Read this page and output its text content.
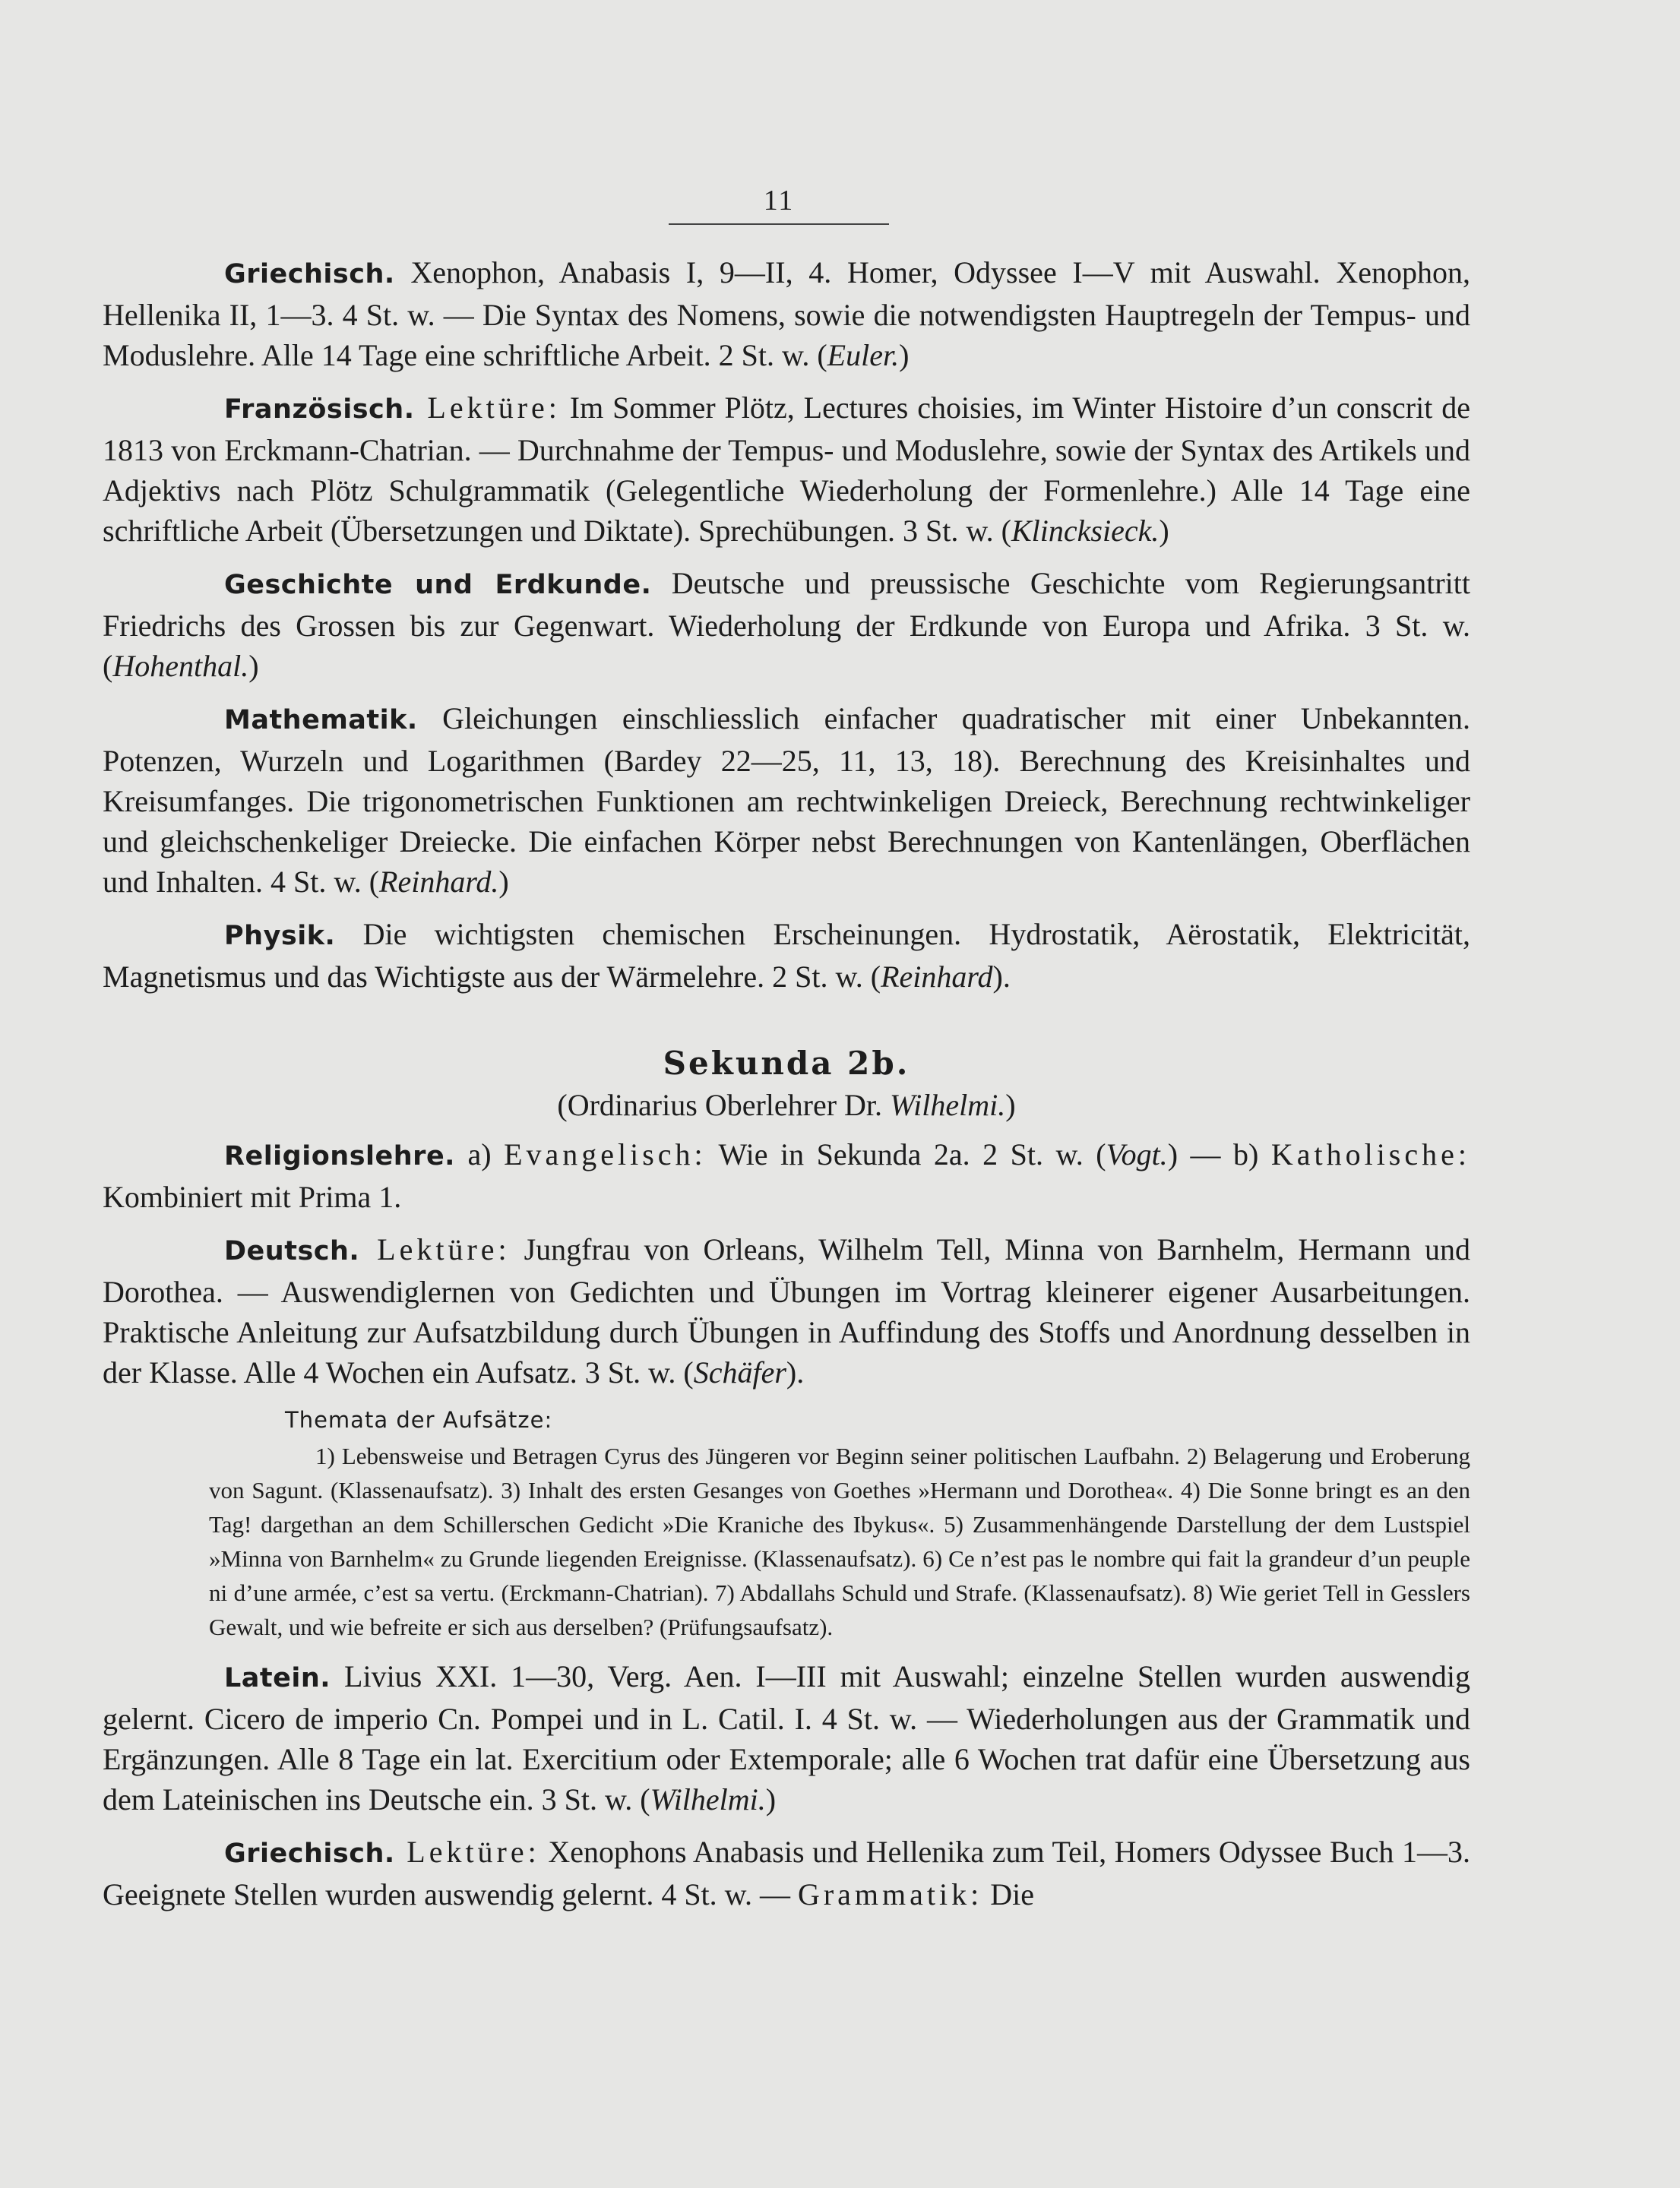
11

Griechisch. Xenophon, Anabasis I, 9—II, 4. Homer, Odyssee I—V mit Auswahl. Xenophon, Hellenika II, 1—3. 4 St. w. — Die Syntax des Nomens, sowie die notwendigsten Hauptregeln der Tempus- und Moduslehre. Alle 14 Tage eine schriftliche Arbeit. 2 St. w. (Euler.)

Französisch. Lektüre: Im Sommer Plötz, Lectures choisies, im Winter Histoire d’un conscrit de 1813 von Erckmann-Chatrian. — Durchnahme der Tempus- und Moduslehre, sowie der Syntax des Artikels und Adjektivs nach Plötz Schulgrammatik (Gelegentliche Wiederholung der Formenlehre.) Alle 14 Tage eine schriftliche Arbeit (Übersetzungen und Diktate). Sprechübungen. 3 St. w. (Klincksieck.)

Geschichte und Erdkunde. Deutsche und preussische Geschichte vom Regierungsantritt Friedrichs des Grossen bis zur Gegenwart. Wiederholung der Erdkunde von Europa und Afrika. 3 St. w. (Hohenthal.)

Mathematik. Gleichungen einschliesslich einfacher quadratischer mit einer Unbekannten. Potenzen, Wurzeln und Logarithmen (Bardey 22—25, 11, 13, 18). Berechnung des Kreisinhaltes und Kreisumfanges. Die trigonometrischen Funktionen am rechtwinkeligen Dreieck, Berechnung rechtwinkeliger und gleichschenkeliger Dreiecke. Die einfachen Körper nebst Berechnungen von Kantenlängen, Oberflächen und Inhalten. 4 St. w. (Reinhard.)

Physik. Die wichtigsten chemischen Erscheinungen. Hydrostatik, Aërostatik, Elektricität, Magnetismus und das Wichtigste aus der Wärmelehre. 2 St. w. (Reinhard).

Sekunda 2b.

(Ordinarius Oberlehrer Dr. Wilhelmi.)

Religionslehre. a) Evangelisch: Wie in Sekunda 2a. 2 St. w. (Vogt.) — b) Katholische: Kombiniert mit Prima 1.

Deutsch. Lektüre: Jungfrau von Orleans, Wilhelm Tell, Minna von Barnhelm, Hermann und Dorothea. — Auswendiglernen von Gedichten und Übungen im Vortrag kleinerer eigener Ausarbeitungen. Praktische Anleitung zur Aufsatzbildung durch Übungen in Auffindung des Stoffs und Anordnung desselben in der Klasse. Alle 4 Wochen ein Aufsatz. 3 St. w. (Schäfer).

Themata der Aufsätze:

1) Lebensweise und Betragen Cyrus des Jüngeren vor Beginn seiner politischen Laufbahn. 2) Belagerung und Eroberung von Sagunt. (Klassenaufsatz). 3) Inhalt des ersten Gesanges von Goethes »Hermann und Dorothea«. 4) Die Sonne bringt es an den Tag! dargethan an dem Schillerschen Gedicht »Die Kraniche des Ibykus«. 5) Zusammenhängende Darstellung der dem Lustspiel »Minna von Barnhelm« zu Grunde liegenden Ereignisse. (Klassenaufsatz). 6) Ce n’est pas le nombre qui fait la grandeur d’un peuple ni d’une armée, c’est sa vertu. (Erckmann-Chatrian). 7) Abdallahs Schuld und Strafe. (Klassenaufsatz). 8) Wie geriet Tell in Gesslers Gewalt, und wie befreite er sich aus derselben? (Prüfungsaufsatz).

Latein. Livius XXI. 1—30, Verg. Aen. I—III mit Auswahl; einzelne Stellen wurden auswendig gelernt. Cicero de imperio Cn. Pompei und in L. Catil. I. 4 St. w. — Wiederholungen aus der Grammatik und Ergänzungen. Alle 8 Tage ein lat. Exercitium oder Extemporale; alle 6 Wochen trat dafür eine Übersetzung aus dem Lateinischen ins Deutsche ein. 3 St. w. (Wilhelmi.)

Griechisch. Lektüre: Xenophons Anabasis und Hellenika zum Teil, Homers Odyssee Buch 1—3. Geeignete Stellen wurden auswendig gelernt. 4 St. w. — Grammatik: Die
